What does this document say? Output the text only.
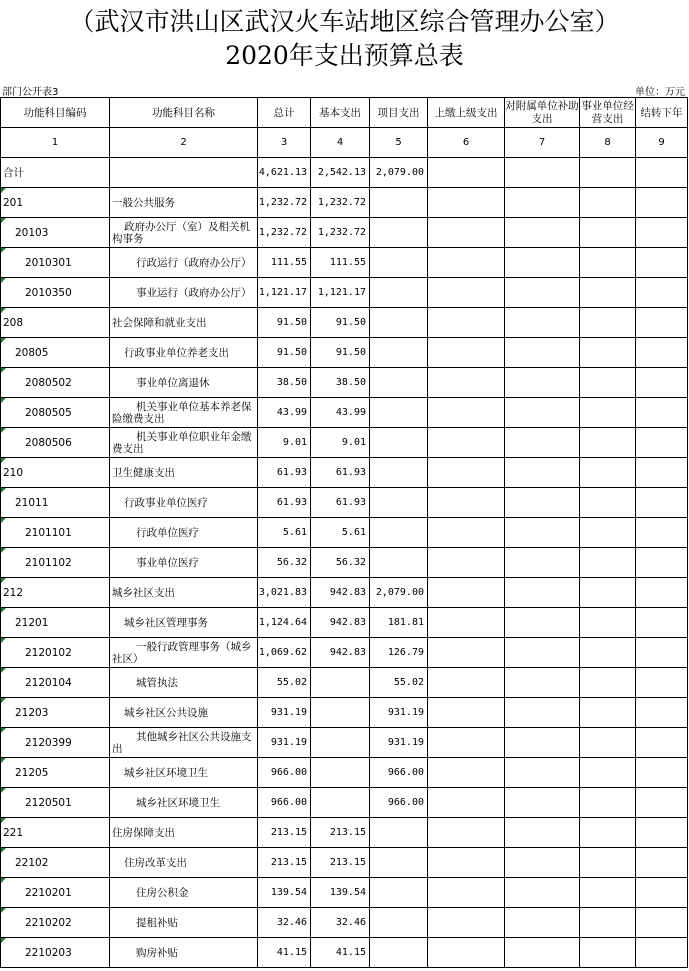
（武汉市洪山区武汉火车站地区综合管理办公室）
2020年支出预算总表
部门公开表3	单位：万元
功能科目编码	功能科目名称	总计	基本支出	项目支出	上缴上级支出	对附属单位补助支出	事业单位经营支出	结转下年
1	2	3	4	5	6	7	8	9
合计		4,621.13	2,542.13	2,079.00				

201	一般公共服务	1,232.72	1,232.72					

20103	政府办公厅（室）及相关机构事务	1,232.72	1,232.72					

2010301	行政运行（政府办公厅）	111.55	111.55					

2010350	事业运行（政府办公厅）	1,121.17	1,121.17					

208	社会保障和就业支出	91.50	91.50					

20805	行政事业单位养老支出	91.50	91.50					

2080502	事业单位离退休	38.50	38.50					

2080505	机关事业单位基本养老保险缴费支出	43.99	43.99					

2080506	机关事业单位职业年金缴费支出	9.01	9.01					

210	卫生健康支出	61.93	61.93					

21011	行政事业单位医疗	61.93	61.93					

2101101	行政单位医疗	5.61	5.61					

2101102	事业单位医疗	56.32	56.32					

212	城乡社区支出	3,021.83	942.83	2,079.00				

21201	城乡社区管理事务	1,124.64	942.83	181.81				

2120102	一般行政管理事务（城乡社区）	1,069.62	942.83	126.79				

2120104	城管执法	55.02		55.02				

21203	城乡社区公共设施	931.19		931.19				

2120399	其他城乡社区公共设施支出	931.19		931.19				

21205	城乡社区环境卫生	966.00		966.00				

2120501	城乡社区环境卫生	966.00		966.00				

221	住房保障支出	213.15	213.15					

22102	住房改革支出	213.15	213.15					

2210201	住房公积金	139.54	139.54					

2210202	提租补贴	32.46	32.46					

2210203	购房补贴	41.15	41.15					
